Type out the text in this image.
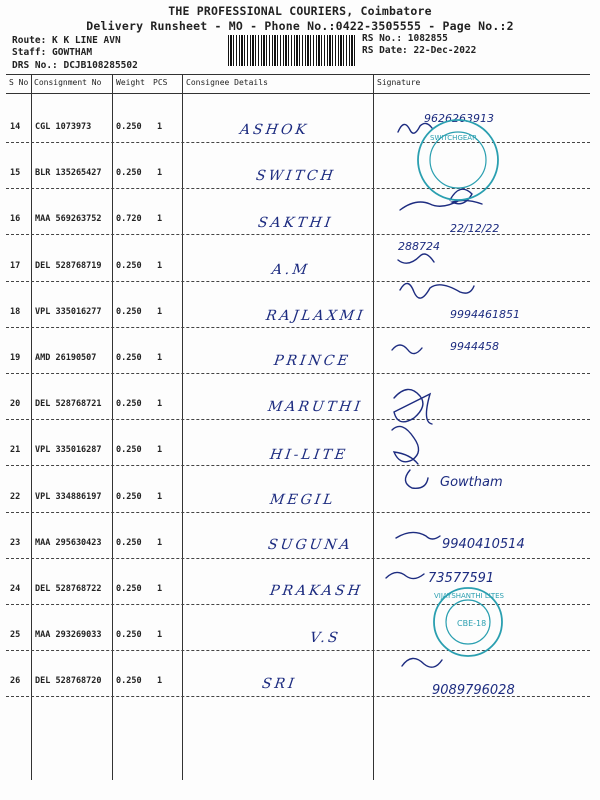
THE PROFESSIONAL COURIERS, Coimbatore
Delivery Runsheet - MO - Phone No.:0422-3505555 - Page No.:2
Route: K K LINE AVN
Staff: GOWTHAM
DRS No.: DCJB108285502
RS No.: 1082855
RS Date: 22-Dec-2022
S No Consignment No Weight PCS Consignee Details	Signature
14 CGL 1073973	0.250 1
15 BLR 135265427 0.250 1
16 MAA 569263752 0.720 1
17 DEL 528768719 0.250 1
18 VPL 335016277 0.250 1
19 AMD 26190507 0.250 1
20 DEL 528768721 0.250 1
21 VPL 335016287 0.250 1
22 VPL 334886197 0.250 1
23 MAA 295630423 0.250 1
24 DEL 528768722 0.250 1
25 MAA 293269033 0.250 1
26 DEL 528768720 0.250 1
ASHOK
SWITCH
SAKTHI
A.M
RAJLAXMI
PRINCE
MARUTHI
HI-LITE
MEGIL
SUGUNA
PRAKASH
V.S
SRI
9626263913
22/12/22
288724
9994461851
9944458
Gowtham
9940410514
73577591
9089796028
SWITCHGEAR
VIJAYSHANTHI LITES
CBE-18
